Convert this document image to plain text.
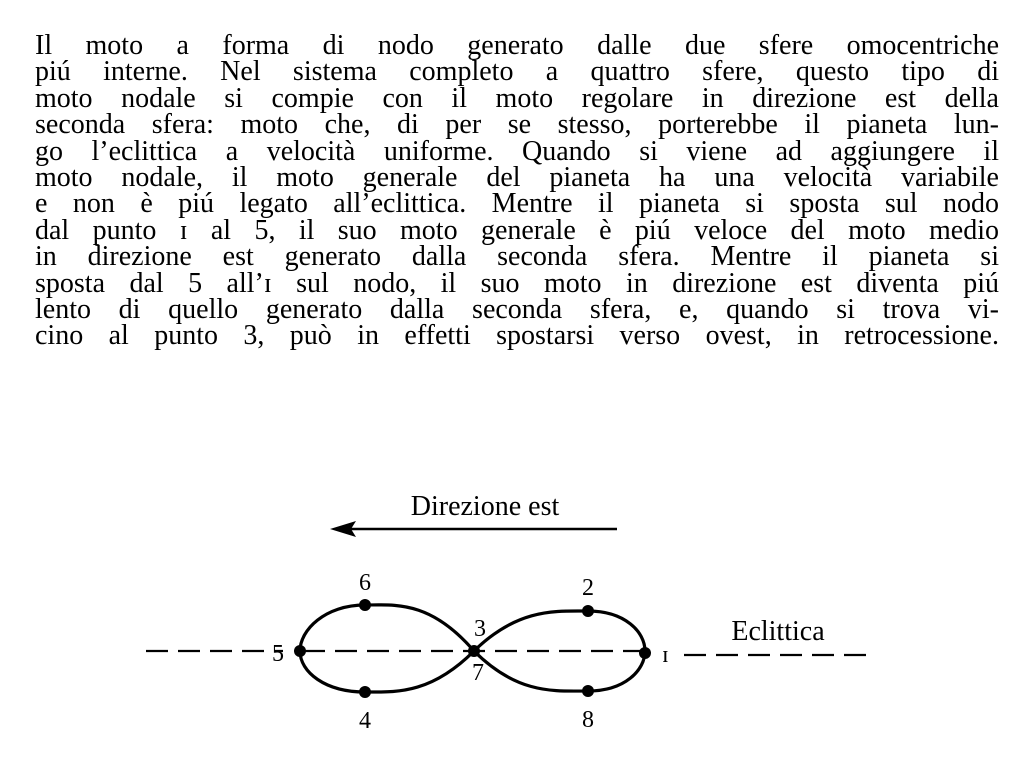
Il moto a forma di nodo generato dalle due sfere omocentriche
piú interne. Nel sistema completo a quattro sfere, questo tipo di
moto nodale si compie con il moto regolare in direzione est della
seconda sfera: moto che, di per se stesso, porterebbe il pianeta lun-
go l’eclittica a velocità uniforme. Quando si viene ad aggiungere il
moto nodale, il moto generale del pianeta ha una velocità variabile
e non è piú legato all’eclittica. Mentre il pianeta si sposta sul nodo
dal punto ɪ al 5, il suo moto generale è piú veloce del moto medio
in direzione est generato dalla seconda sfera. Mentre il pianeta si
sposta dal 5 all’ɪ sul nodo, il suo moto in direzione est diventa piú
lento di quello generato dalla seconda sfera, e, quando si trova vi-
cino al punto 3, può in effetti spostarsi verso ovest, in retrocessione.
Direzione est
Eclittica
ɪ
2
3
4
5
6
7
8
